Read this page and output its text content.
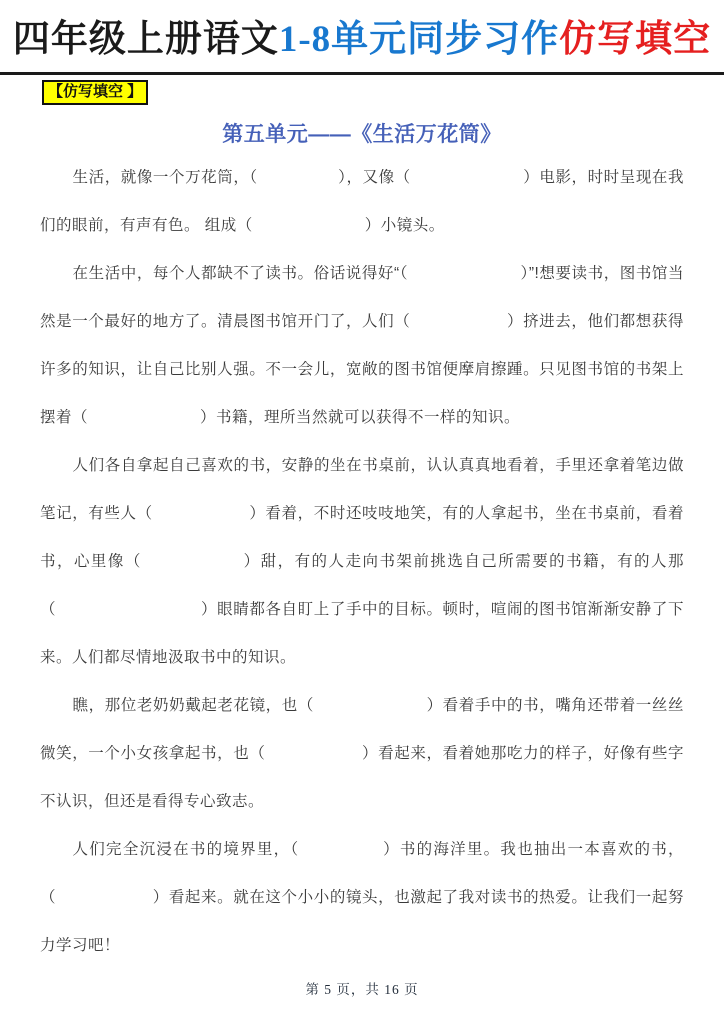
四年级上册语文1-8单元同步习作仿写填空
【仿写填空 】
第五单元——《生活万花筒》

生活，就像一个万花筒，（　　　　　），又像（　　　　　　　）电影，时时呈现在我们的眼前，有声有色。 组成（　　　　　　　）小镜头。

在生活中，每个人都缺不了读书。俗话说得好“（　　　　　　　）”!想要读书，图书馆当然是一个最好的地方了。清晨图书馆开门了，人们（　　　　　　）挤进去，他们都想获得许多的知识，让自己比别人强。不一会儿，宽敞的图书馆便摩肩擦踵。只见图书馆的书架上摆着（　　　　　　　）书籍，理所当然就可以获得不一样的知识。

人们各自拿起自己喜欢的书，安静的坐在书桌前，认认真真地看着，手里还拿着笔边做笔记，有些人（　　　　　　）看着，不时还吱吱地笑，有的人拿起书，坐在书桌前，看着书，心里像（　　　　　　）甜，有的人走向书架前挑选自己所需要的书籍，有的人那（　　　　　　　　　）眼睛都各自盯上了手中的目标。顿时，喧闹的图书馆渐渐安静了下来。人们都尽情地汲取书中的知识。

瞧，那位老奶奶戴起老花镜，也（　　　　　　　）看着手中的书，嘴角还带着一丝丝微笑，一个小女孩拿起书，也（　　　　　　）看起来，看着她那吃力的样子，好像有些字不认识，但还是看得专心致志。

人们完全沉浸在书的境界里，（　　　　　）书的海洋里。我也抽出一本喜欢的书，（　　　　　　）看起来。就在这个小小的镜头，也激起了我对读书的热爱。让我们一起努力学习吧！

第 5 页，共 16 页
